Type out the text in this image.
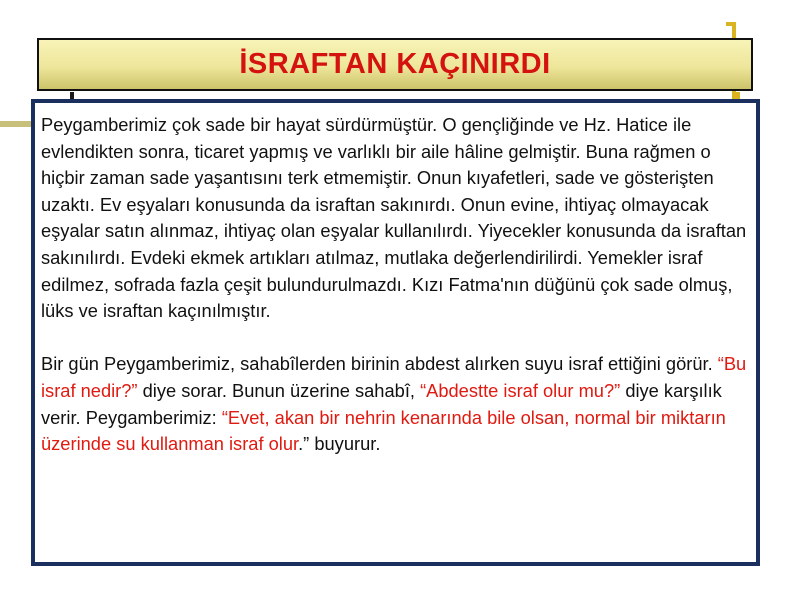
İSRAFTAN KAÇINIRDI

Peygamberimiz çok sade bir hayat sürdürmüştür. O gençliğinde ve Hz. Hatice ile evlendikten sonra, ticaret yapmış ve varlıklı bir aile hâline gelmiştir. Buna rağmen o hiçbir zaman sade yaşantısını terk etmemiştir. Onun kıyafetleri, sade ve gösterişten uzaktı. Ev eşyaları konusunda da israftan sakınırdı. Onun evine, ihtiyaç olmayacak eşyalar satın alınmaz, ihtiyaç olan eşyalar kullanılırdı. Yiyecekler konusunda da israftan sakınılırdı. Evdeki ekmek artıkları atılmaz, mutlaka değerlendirilirdi. Yemekler israf edilmez, sofrada fazla çeşit bulundurulmazdı. Kızı Fatma'nın düğünü çok sade olmuş, lüks ve israftan kaçınılmıştır.

Bir gün Peygamberimiz, sahabîlerden birinin abdest alırken suyu israf ettiğini görür. “Bu israf nedir?” diye sorar. Bunun üzerine sahabî, “Abdestte israf olur mu?” diye karşılık verir. Peygamberimiz: “Evet, akan bir nehrin kenarında bile olsan, normal bir miktarın üzerinde su kullanman israf olur.” buyurur.
